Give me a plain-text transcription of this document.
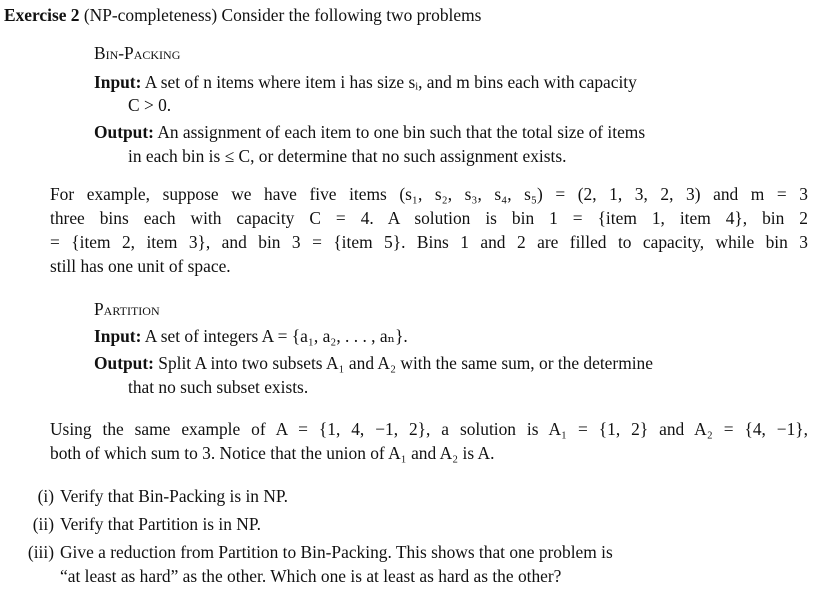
Exercise 2 (NP-completeness) Consider the following two problems
Bin-Packing
Input: A set of n items where item i has size sᵢ, and m bins each with capacity
C > 0.
Output: An assignment of each item to one bin such that the total size of items
in each bin is ≤ C, or determine that no such assignment exists.
For example, suppose we have five items (s₁, s₂, s₃, s₄, s₅) = (2, 1, 3, 2, 3) and m = 3
three bins each with capacity C = 4. A solution is bin 1 = {item 1, item 4}, bin 2
= {item 2, item 3}, and bin 3 = {item 5}. Bins 1 and 2 are filled to capacity, while bin 3
still has one unit of space.
Partition
Input: A set of integers A = {a₁, a₂, . . . , aₙ}.
Output: Split A into two subsets A₁ and A₂ with the same sum, or the determine
that no such subset exists.
Using the same example of A = {1, 4, −1, 2}, a solution is A₁ = {1, 2} and A₂ = {4, −1},
both of which sum to 3. Notice that the union of A₁ and A₂ is A.
(i) Verify that Bin-Packing is in NP.
(ii) Verify that Partition is in NP.
(iii) Give a reduction from Partition to Bin-Packing. This shows that one problem is
“at least as hard” as the other. Which one is at least as hard as the other?
